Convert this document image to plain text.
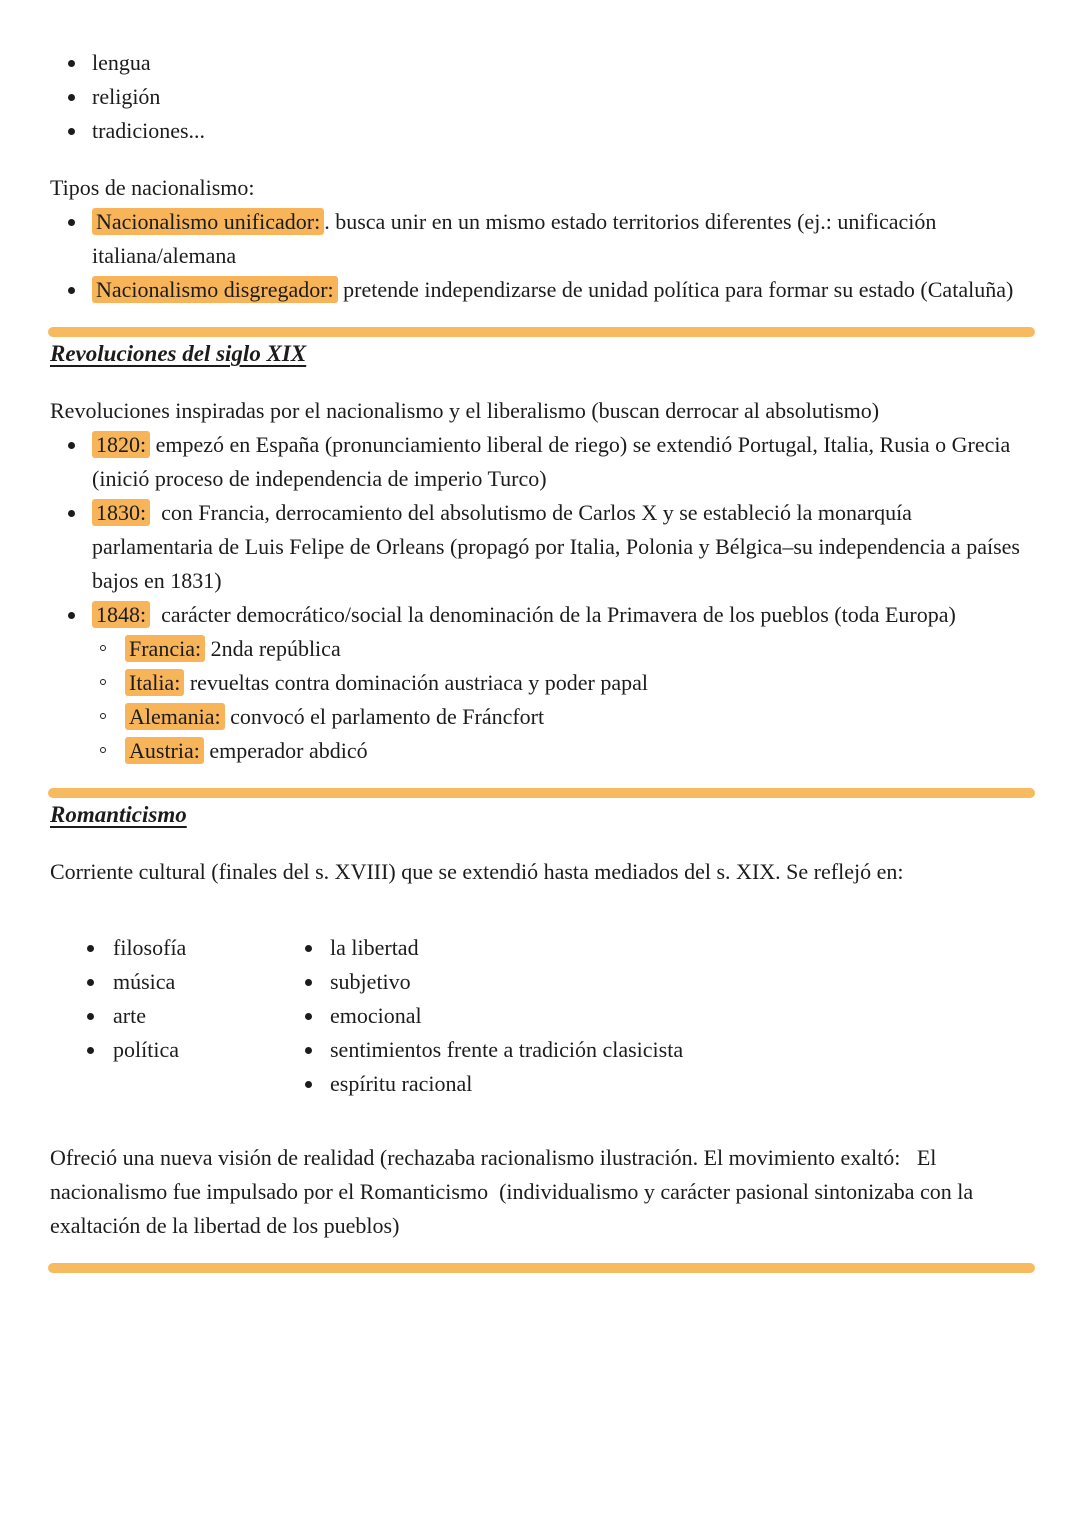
lengua
religión
tradiciones...

Tipos de nacionalismo:

Nacionalismo unificador: . busca unir en un mismo estado territorios diferentes (ej.: unificación italiana/alemana
Nacionalismo disgregador: pretende independizarse de unidad política para formar su estado (Cataluña)
Revoluciones del siglo XIX

Revoluciones inspiradas por el nacionalismo y el liberalismo (buscan derrocar al absolutismo)

1820: empezó en España (pronunciamiento liberal de riego) se extendió Portugal, Italia, Rusia o Grecia (inició proceso de independencia de imperio Turco)
1830:  con Francia, derrocamiento del absolutismo de Carlos X y se estableció la monarquía parlamentaria de Luis Felipe de Orleans (propagó por Italia, Polonia y Bélgica–su independencia a países bajos en 1831)
1848:  carácter democrático/social la denominación de la Primavera de los pueblos (toda Europa)
Francia: 2nda república
Italia: revueltas contra dominación austriaca y poder papal
Alemania: convocó el parlamento de Fráncfort
Austria: emperador abdicó
Romanticismo

Corriente cultural (finales del s. XVIII) que se extendió hasta mediados del s. XIX. Se reflejó en:

filosofía
música
arte
política
la libertad
subjetivo
emocional
sentimientos frente a tradición clasicista
espíritu racional

Ofreció una nueva visión de realidad (rechazaba racionalismo ilustración. El movimiento exaltó:   El nacionalismo fue impulsado por el Romanticismo  (individualismo y carácter pasional sintonizaba con la exaltación de la libertad de los pueblos)
